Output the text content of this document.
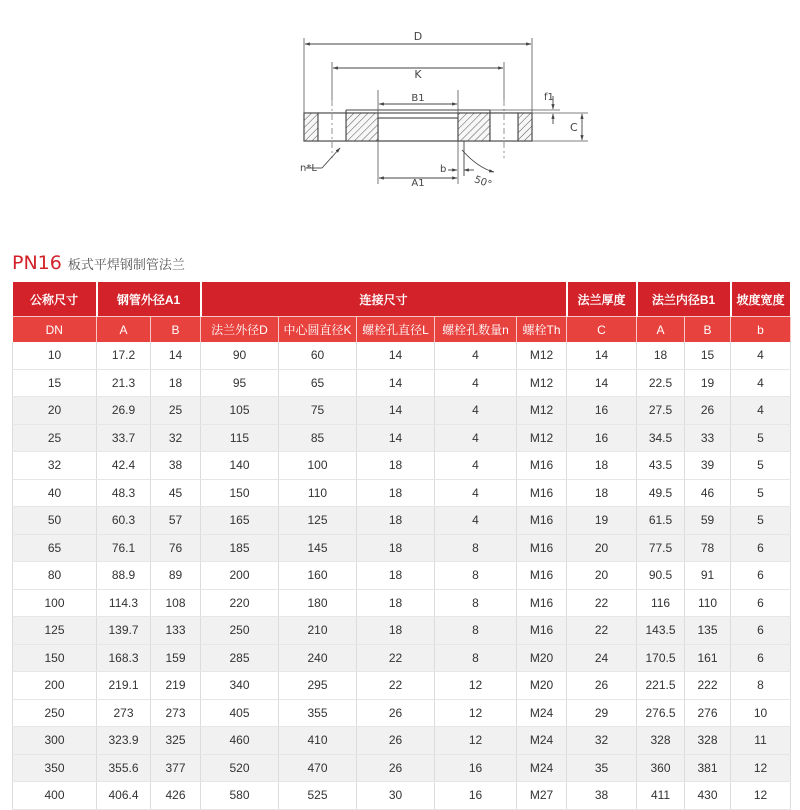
D
K
B1	f1
C
n*L	b
A1	50°
PN16 板式平焊钢制管法兰
公称尺寸	钢管外径A1		连接尺寸					法兰厚度	法兰内径B1		坡度宽度
DN	A	B	法兰外径D	中心圆直径K	螺栓孔直径L	螺栓孔数量n	螺栓Th	C	A	B	b
10	17.2	14	90	60	14	4	M12	14	18	15	4
15	21.3	18	95	65	14	4	M12	14	22.5	19	4
20	26.9	25	105	75	14	4	M12	16	27.5	26	4
25	33.7	32	115	85	14	4	M12	16	34.5	33	5
32	42.4	38	140	100	18	4	M16	18	43.5	39	5
40	48.3	45	150	110	18	4	M16	18	49.5	46	5
50	60.3	57	165	125	18	4	M16	19	61.5	59	5
65	76.1	76	185	145	18	8	M16	20	77.5	78	6
80	88.9	89	200	160	18	8	M16	20	90.5	91	6
100	114.3	108	220	180	18	8	M16	22	116	110	6
125	139.7	133	250	210	18	8	M16	22	143.5	135	6
150	168.3	159	285	240	22	8	M20	24	170.5	161	6
200	219.1	219	340	295	22	12	M20	26	221.5	222	8
250	273	273	405	355	26	12	M24	29	276.5	276	10
300	323.9	325	460	410	26	12	M24	32	328	328	11
350	355.6	377	520	470	26	16	M24	35	360	381	12
400	406.4	426	580	525	30	16	M27	38	411	430	12
